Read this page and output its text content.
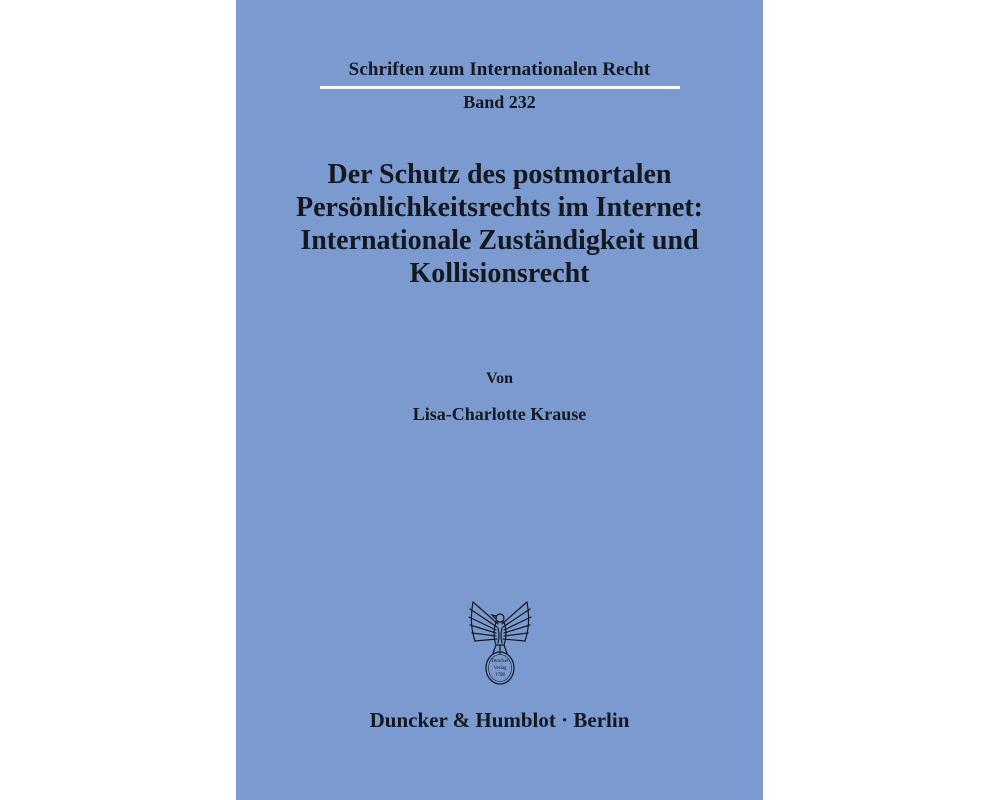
Schriften zum Internationalen Recht
Band 232
Der Schutz des postmortalen
Persönlichkeitsrechts im Internet:
Internationale Zuständigkeit und
Kollisionsrecht
Von
Lisa-Charlotte Krause
Duncker
Verlag
1798
Duncker & Humblot · Berlin
